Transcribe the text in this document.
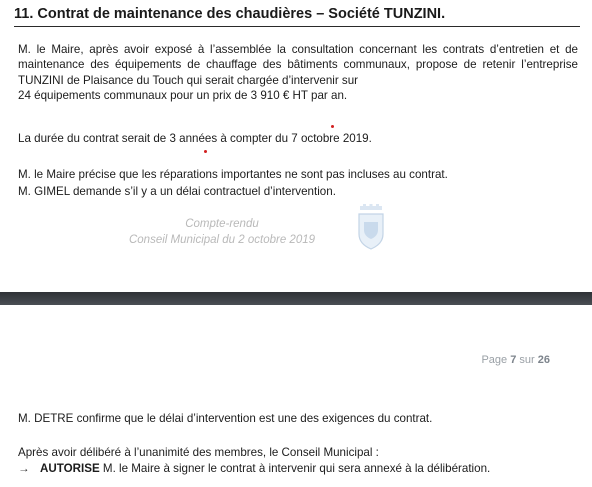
11. Contrat de maintenance des chaudières – Société TUNZINI.
M. le Maire, après avoir exposé à l’assemblée la consultation concernant les contrats d’entretien et de maintenance des équipements de chauffage des bâtiments communaux, propose de retenir l’entreprise TUNZINI de Plaisance du Touch qui serait chargée d’intervenir sur
24 équipements communaux pour un prix de 3 910 € HT par an.
La durée du contrat serait de 3 années à compter du 7 octobre 2019.
M. le Maire précise que les réparations importantes ne sont pas incluses au contrat.
M. GIMEL demande s’il y a un délai contractuel d’intervention.
Compte-rendu
Conseil Municipal du 2 octobre 2019
Page 7 sur 26
M. DETRE confirme que le délai d’intervention est une des exigences du contrat.
Après avoir délibéré à l’unanimité des membres, le Conseil Municipal :
→ AUTORISE M. le Maire à signer le contrat à intervenir qui sera annexé à la délibération.
